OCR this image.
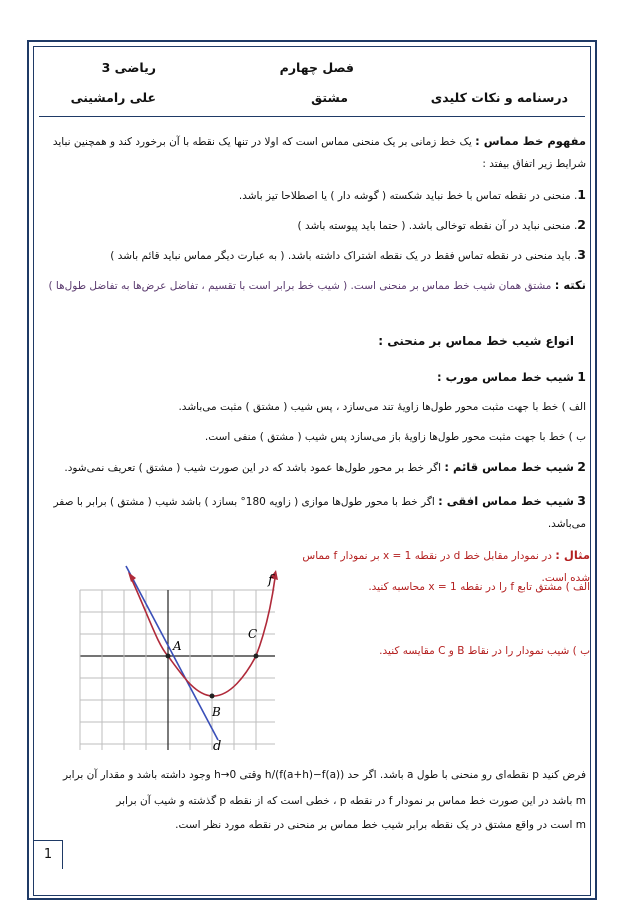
ریاضی 3	فصل چهارم
علی رامشینی	مشتق	درسنامه و نکات کلیدی
مفهوم خط مماس : یک خط زمانی بر یک منحنی مماس است که اولا در تنها یک نقطه با آن برخورد کند و همچنین نباید شرایط زیر اتفاق بیفتد :
1. منحنی در نقطه تماس با خط نباید شکسته ( گوشه دار ) یا اصطلاحا تیز باشد.
2. منحنی نباید در آن نقطه توخالی باشد. ( حتما باید پیوسته باشد )
3. باید منحنی در نقطه تماس فقط در یک نقطه اشتراک داشته باشد. ( به عبارت دیگر مماس نباید قائم باشد )
نکته : مشتق همان شیب خط مماس بر منحنی است. ( شیب خط برابر است با تقسیم ، تفاضل عرض‌ها به تفاضل طول‌ها )
انواع شیب خط مماس بر منحنی :
1 شیب خط مماس مورب :
الف ) خط با جهت مثبت محور طول‌ها زاویهٔ تند می‌سازد ، پس شیب ( مشتق ) مثبت می‌باشد.
ب ) خط با جهت مثبت محور طول‌ها زاویهٔ باز می‌سازد پس شیب ( مشتق ) منفی است.
2 شیب خط مماس قائم : اگر خط بر محور طول‌ها عمود باشد که در این صورت شیب ( مشتق ) تعریف نمی‌شود.
3 شیب خط مماس افقی : اگر خط با محور طول‌ها موازی ( زاویه 180° بسازد ) باشد شیب ( مشتق ) برابر با صفر می‌باشد.
مثال : در نمودار مقابل خط d در نقطه x = 1 بر نمودار f مماس شده است.
الف ) مشتق تابع f را در نقطه x = 1 محاسبه کنید.
ب ) شیب نمودار را در نقاط B و C مقایسه کنید.
f
A
B
C
d
فرض کنید p نقطه‌ای رو منحنی با طول a باشد. اگر حد (f(a+h)−f(a))/h وقتی h→0 وجود داشته باشد و مقدار آن برابر
m باشد در این صورت خط مماس بر نمودار f در نقطه p ، خطی است که از نقطه p گذشته و شیب آن برابر
m است در واقع مشتق در یک نقطه برابر شیب خط مماس بر منحنی در نقطه مورد نظر است.
1
